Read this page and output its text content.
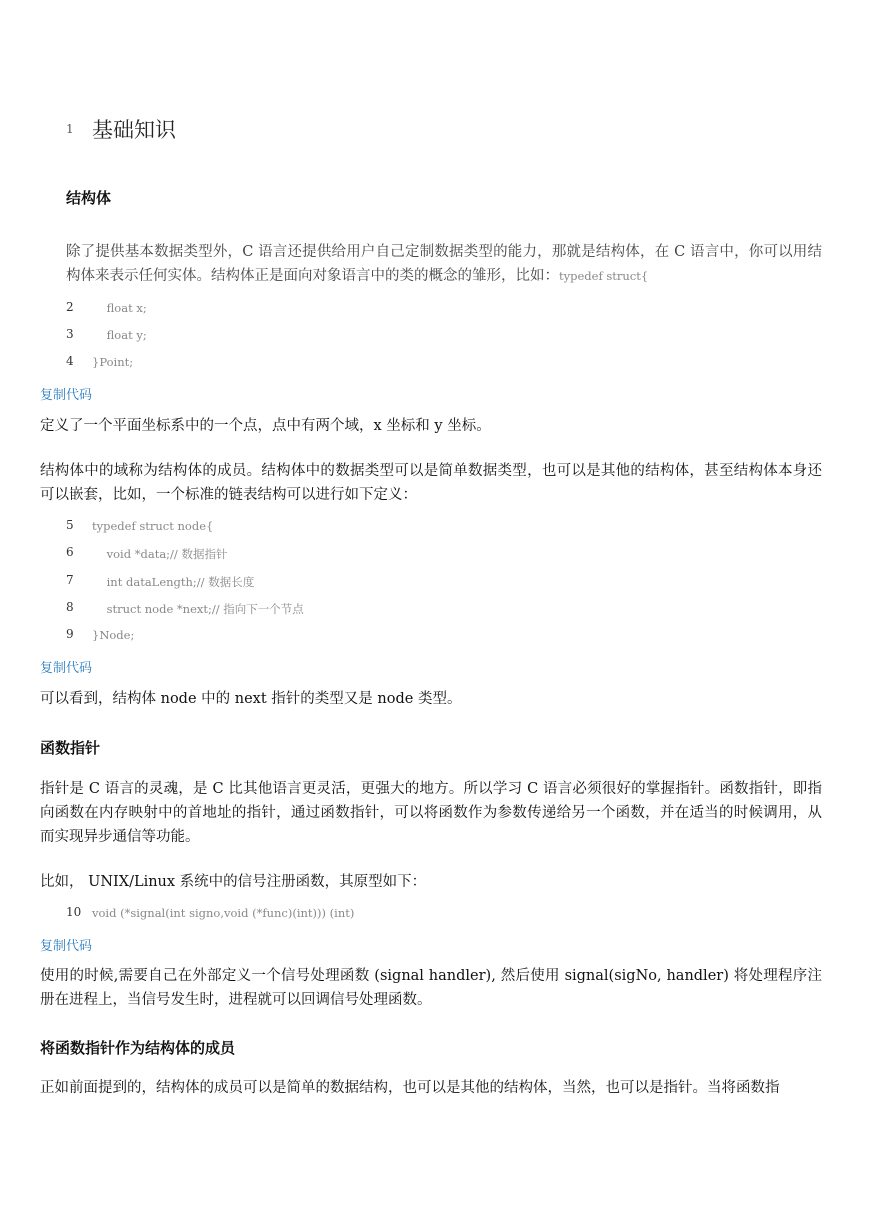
1 基础知识
结构体
除了提供基本数据类型外，C 语言还提供给用户自己定制数据类型的能力，那就是结构体，在 C 语言中，你可以用结构体来表示任何实体。结构体正是面向对象语言中的类的概念的雏形，比如：typedef struct{
2 float x;
3 float y;
4 }Point;
复制代码
定义了一个平面坐标系中的一个点，点中有两个域，x 坐标和 y 坐标。
结构体中的域称为结构体的成员。结构体中的数据类型可以是简单数据类型，也可以是其他的结构体，甚至结构体本身还可以嵌套，比如，一个标准的链表结构可以进行如下定义：
5 typedef struct node{
6 void *data;// 数据指针
7 int dataLength;// 数据长度
8 struct node *next;// 指向下一个节点
9 }Node;
复制代码
可以看到，结构体 node 中的 next 指针的类型又是 node 类型。
函数指针
指针是 C 语言的灵魂，是 C 比其他语言更灵活，更强大的地方。所以学习 C 语言必须很好的掌握指针。函数指针，即指向函数在内存映射中的首地址的指针，通过函数指针，可以将函数作为参数传递给另一个函数，并在适当的时候调用，从而实现异步通信等功能。
比如， UNIX/Linux 系统中的信号注册函数，其原型如下：
10 void (*signal(int signo,void (*func)(int))) (int)
复制代码
使用的时候,需要自己在外部定义一个信号处理函数 (signal handler), 然后使用 signal(sigNo, handler) 将处理程序注册在进程上，当信号发生时，进程就可以回调信号处理函数。
将函数指针作为结构体的成员
正如前面提到的，结构体的成员可以是简单的数据结构，也可以是其他的结构体，当然，也可以是指针。当将函数指
